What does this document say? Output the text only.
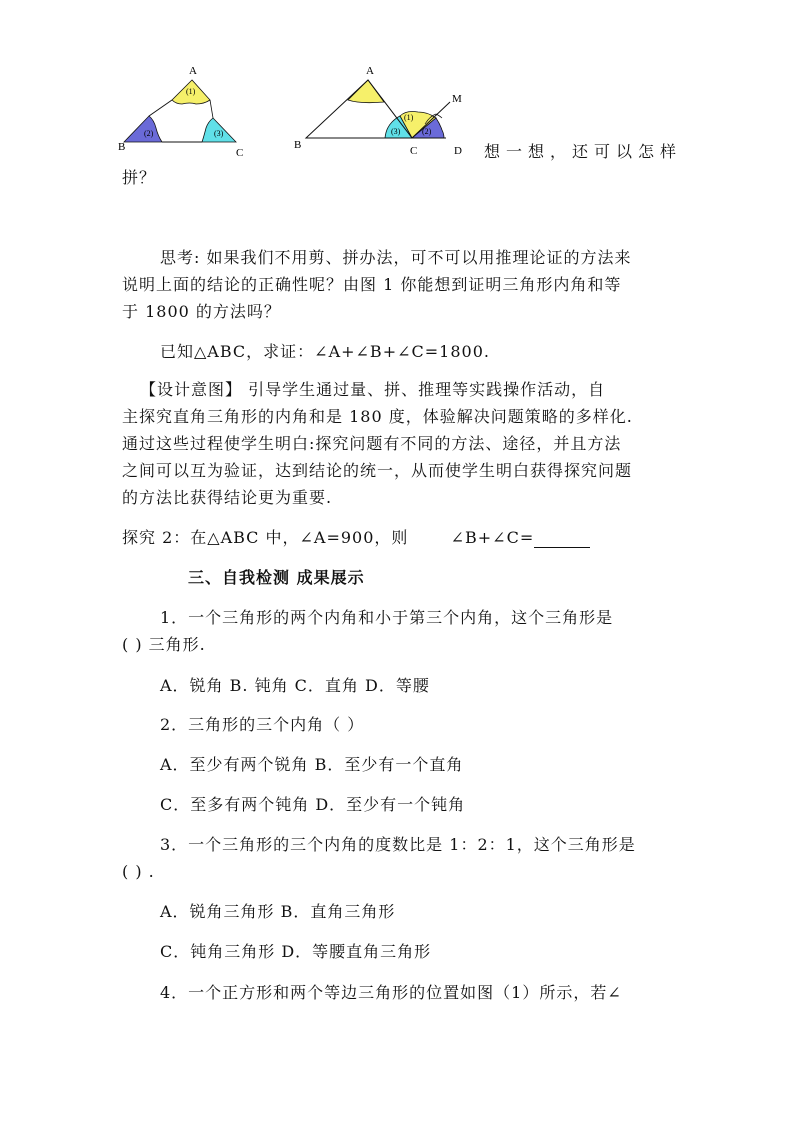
(1)
(2)	(3)
A
B	C
(1)
(2)
(3)
A
B	C	D
M
想一想，还可以怎样
拼？
思考: 如果我们不用剪、拼办法，可不可以用推理论证的方法来
说明上面的结论的正确性呢？由图 1 你能想到证明三角形内角和等
于 1800 的方法吗？
已知△ABC，求证：∠A+∠B+∠C=1800.
【设计意图】 引导学生通过量、拼、推理等实践操作活动，自
主探究直角三角形的内角和是 180 度，体验解决问题策略的多样化.
通过这些过程使学生明白:探究问题有不同的方法、途径，并且方法
之间可以互为验证，达到结论的统一，从而使学生明白获得探究问题
的方法比获得结论更为重要.
探究 2：在△ABC 中，∠A=900，则	∠B+∠C=
三、自我检测 成果展示
1．一个三角形的两个内角和小于第三个内角，这个三角形是
( ) 三角形.
A．锐角 B. 钝角 C．直角 D．等腰
2．三角形的三个内角（ ）
A．至少有两个锐角 B．至少有一个直角
C．至多有两个钝角 D．至少有一个钝角
3．一个三角形的三个内角的度数比是 1：2：1，这个三角形是
( ) .
A．锐角三角形 B．直角三角形
C．钝角三角形 D．等腰直角三角形
4．一个正方形和两个等边三角形的位置如图（1）所示，若∠
